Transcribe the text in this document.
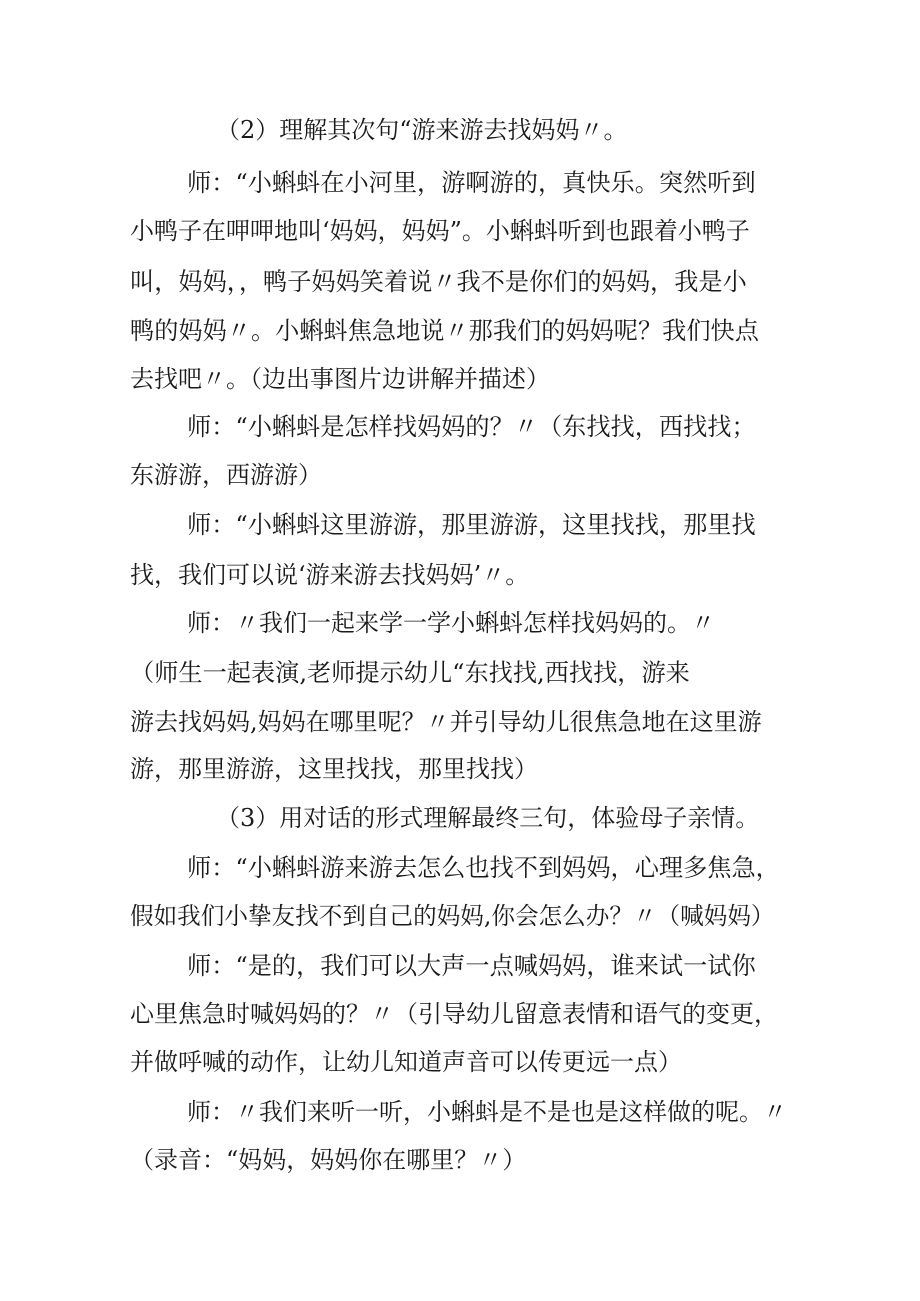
（2）理解其次句“游来游去找妈妈〃。
师：“小蝌蚪在小河里，游啊游的，真快乐。突然听到
小鸭子在呷呷地叫‘妈妈，妈妈”。小蝌蚪听到也跟着小鸭子
叫，妈妈，，鸭子妈妈笑着说〃我不是你们的妈妈，我是小
鸭的妈妈〃。小蝌蚪焦急地说〃那我们的妈妈呢？我们快点
去找吧〃。（边出事图片边讲解并描述）
师：“小蝌蚪是怎样找妈妈的？〃（东找找，西找找；
东游游，西游游）
师：“小蝌蚪这里游游，那里游游，这里找找，那里找
找，我们可以说‘游来游去找妈妈’〃。
师：〃我们一起来学一学小蝌蚪怎样找妈妈的。〃
（师生一起表演,老师提示幼儿“东找找,西找找，游来
游去找妈妈,妈妈在哪里呢？〃并引导幼儿很焦急地在这里游
游，那里游游，这里找找，那里找找）
（3）用对话的形式理解最终三句，体验母子亲情。
师：“小蝌蚪游来游去怎么也找不到妈妈，心理多焦急，
假如我们小挚友找不到自己的妈妈,你会怎么办？〃（喊妈妈）
师：“是的，我们可以大声一点喊妈妈，谁来试一试你
心里焦急时喊妈妈的？〃（引导幼儿留意表情和语气的变更，
并做呼喊的动作，让幼儿知道声音可以传更远一点）
师：〃我们来听一听，小蝌蚪是不是也是这样做的呢。〃
（录音：“妈妈，妈妈你在哪里？〃）
